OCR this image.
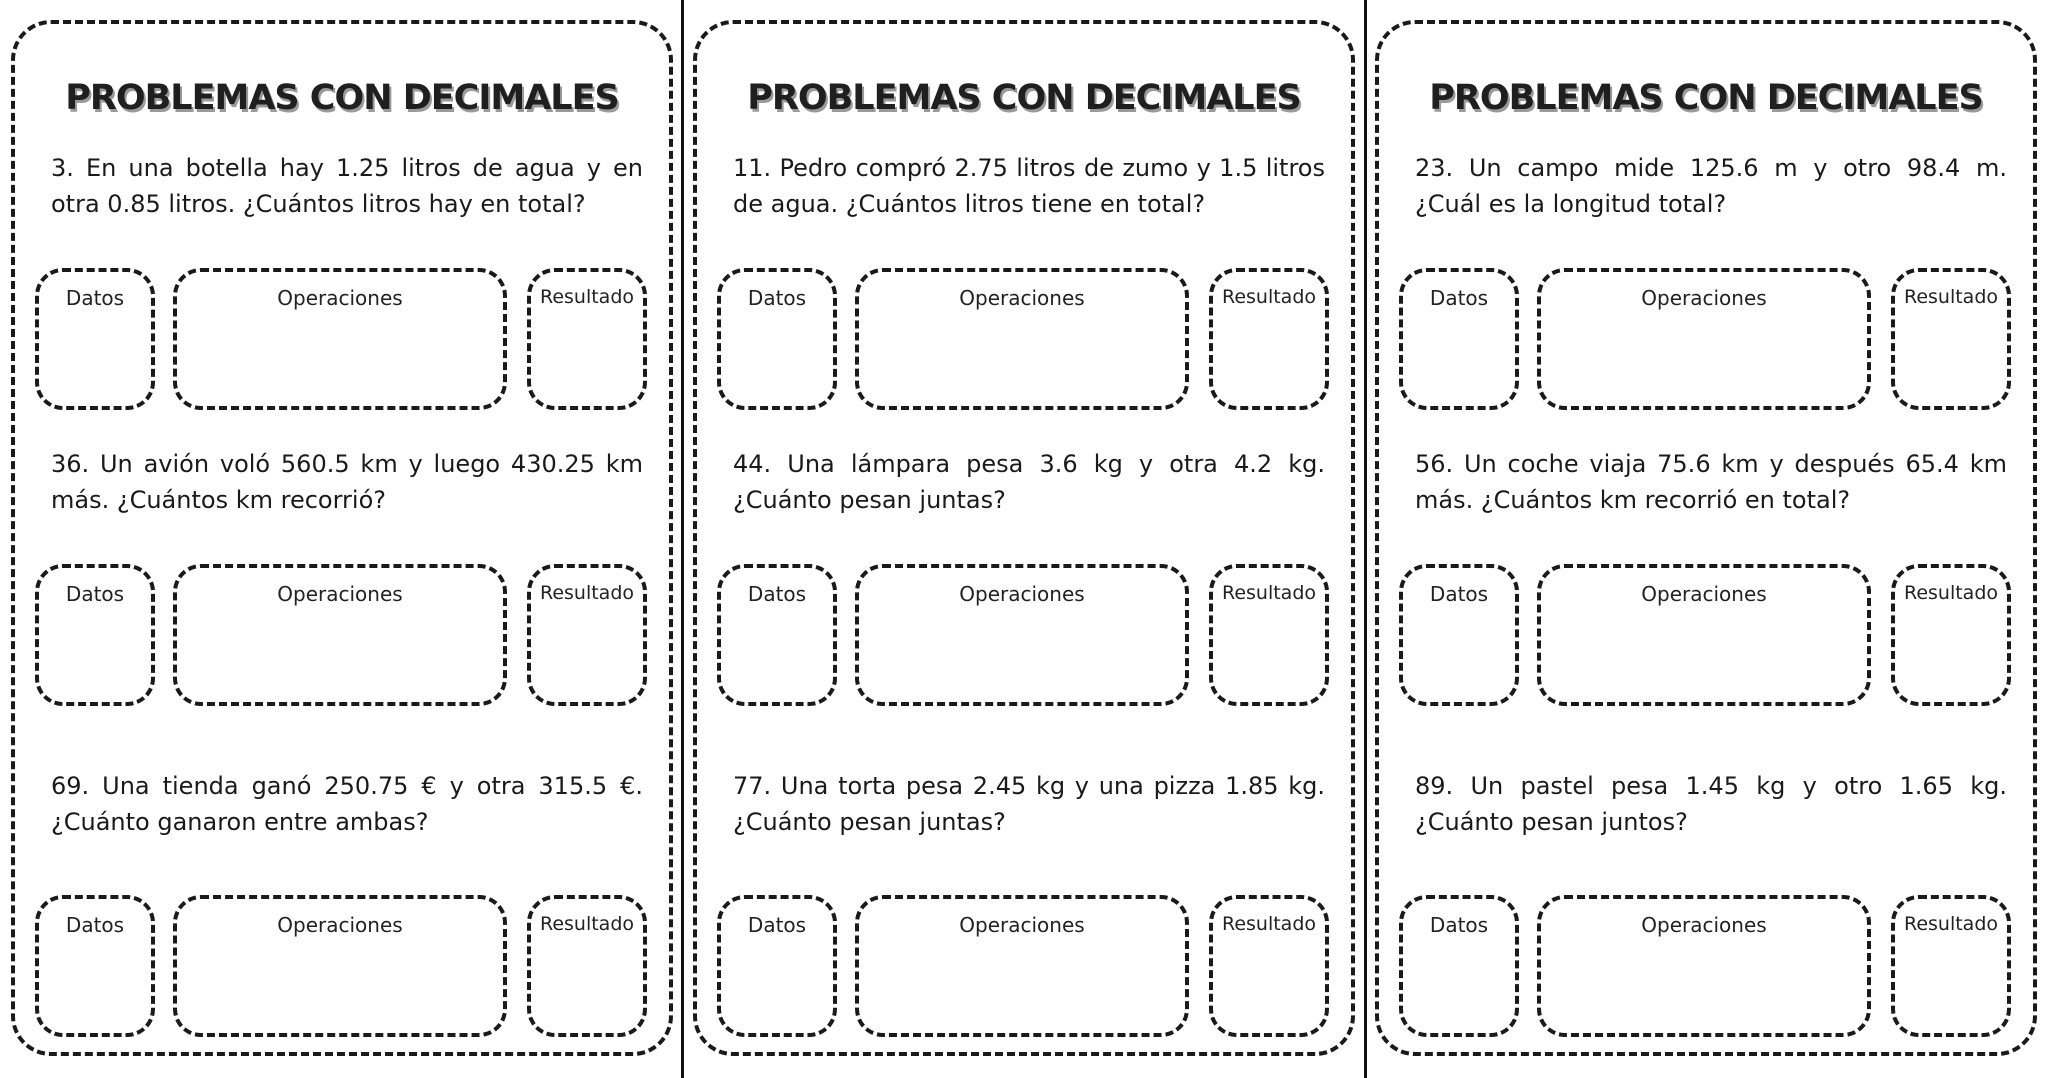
PROBLEMAS CON DECIMALES
3. En una botella hay 1.25 litros de agua y en otra 0.85 litros. ¿Cuántos litros hay en total?
Datos	Operaciones	Resultado
36. Un avión voló 560.5 km y luego 430.25 km más. ¿Cuántos km recorrió?
Datos	Operaciones	Resultado
69. Una tienda ganó 250.75 € y otra 315.5 €. ¿Cuánto ganaron entre ambas?
Datos	Operaciones	Resultado
PROBLEMAS CON DECIMALES
11. Pedro compró 2.75 litros de zumo y 1.5 litros de agua. ¿Cuántos litros tiene en total?
Datos	Operaciones	Resultado
44. Una lámpara pesa 3.6 kg y otra 4.2 kg. ¿Cuánto pesan juntas?
Datos	Operaciones	Resultado
77. Una torta pesa 2.45 kg y una pizza 1.85 kg. ¿Cuánto pesan juntas?
Datos	Operaciones	Resultado
PROBLEMAS CON DECIMALES
23. Un campo mide 125.6 m y otro 98.4 m. ¿Cuál es la longitud total?
Datos	Operaciones	Resultado
56. Un coche viaja 75.6 km y después 65.4 km más. ¿Cuántos km recorrió en total?
Datos	Operaciones	Resultado
89. Un pastel pesa 1.45 kg y otro 1.65 kg. ¿Cuánto pesan juntos?
Datos	Operaciones	Resultado
